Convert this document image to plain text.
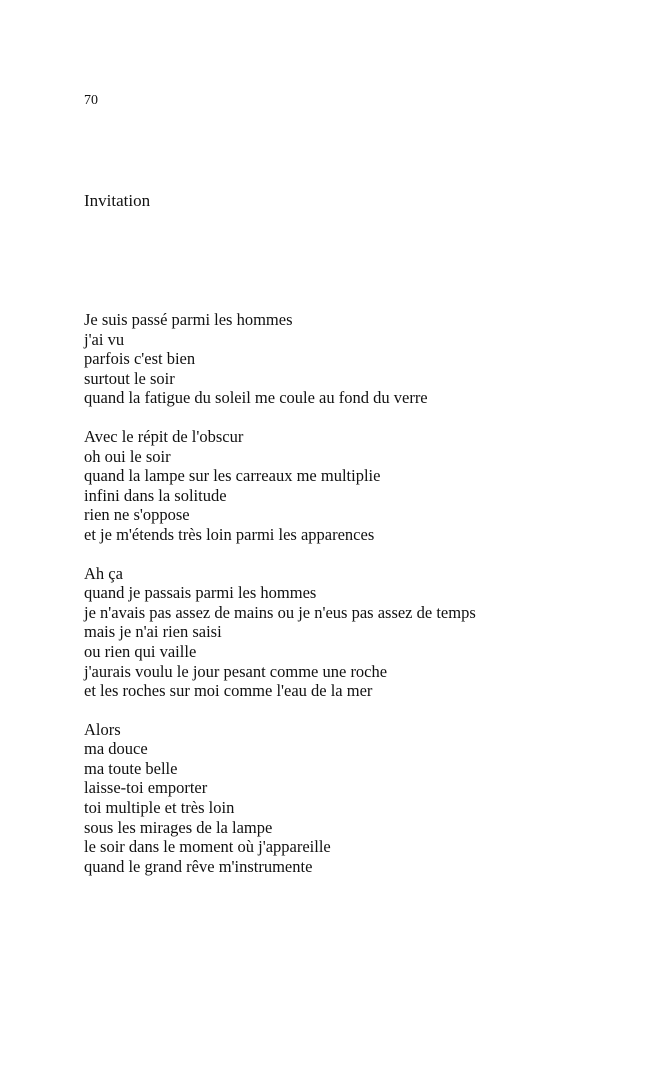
70
Invitation
Je suis passé parmi les hommes
j'ai vu
parfois c'est bien
surtout le soir
quand la fatigue du soleil me coule au fond du verre
Avec le répit de l'obscur
oh oui le soir
quand la lampe sur les carreaux me multiplie
infini dans la solitude
rien ne s'oppose
et je m'étends très loin parmi les apparences
Ah ça
quand je passais parmi les hommes
je n'avais pas assez de mains ou je n'eus pas assez de temps
mais je n'ai rien saisi
ou rien qui vaille
j'aurais voulu le jour pesant comme une roche
et les roches sur moi comme l'eau de la mer
Alors
ma douce
ma toute belle
laisse-toi emporter
toi multiple et très loin
sous les mirages de la lampe
le soir dans le moment où j'appareille
quand le grand rêve m'instrumente
